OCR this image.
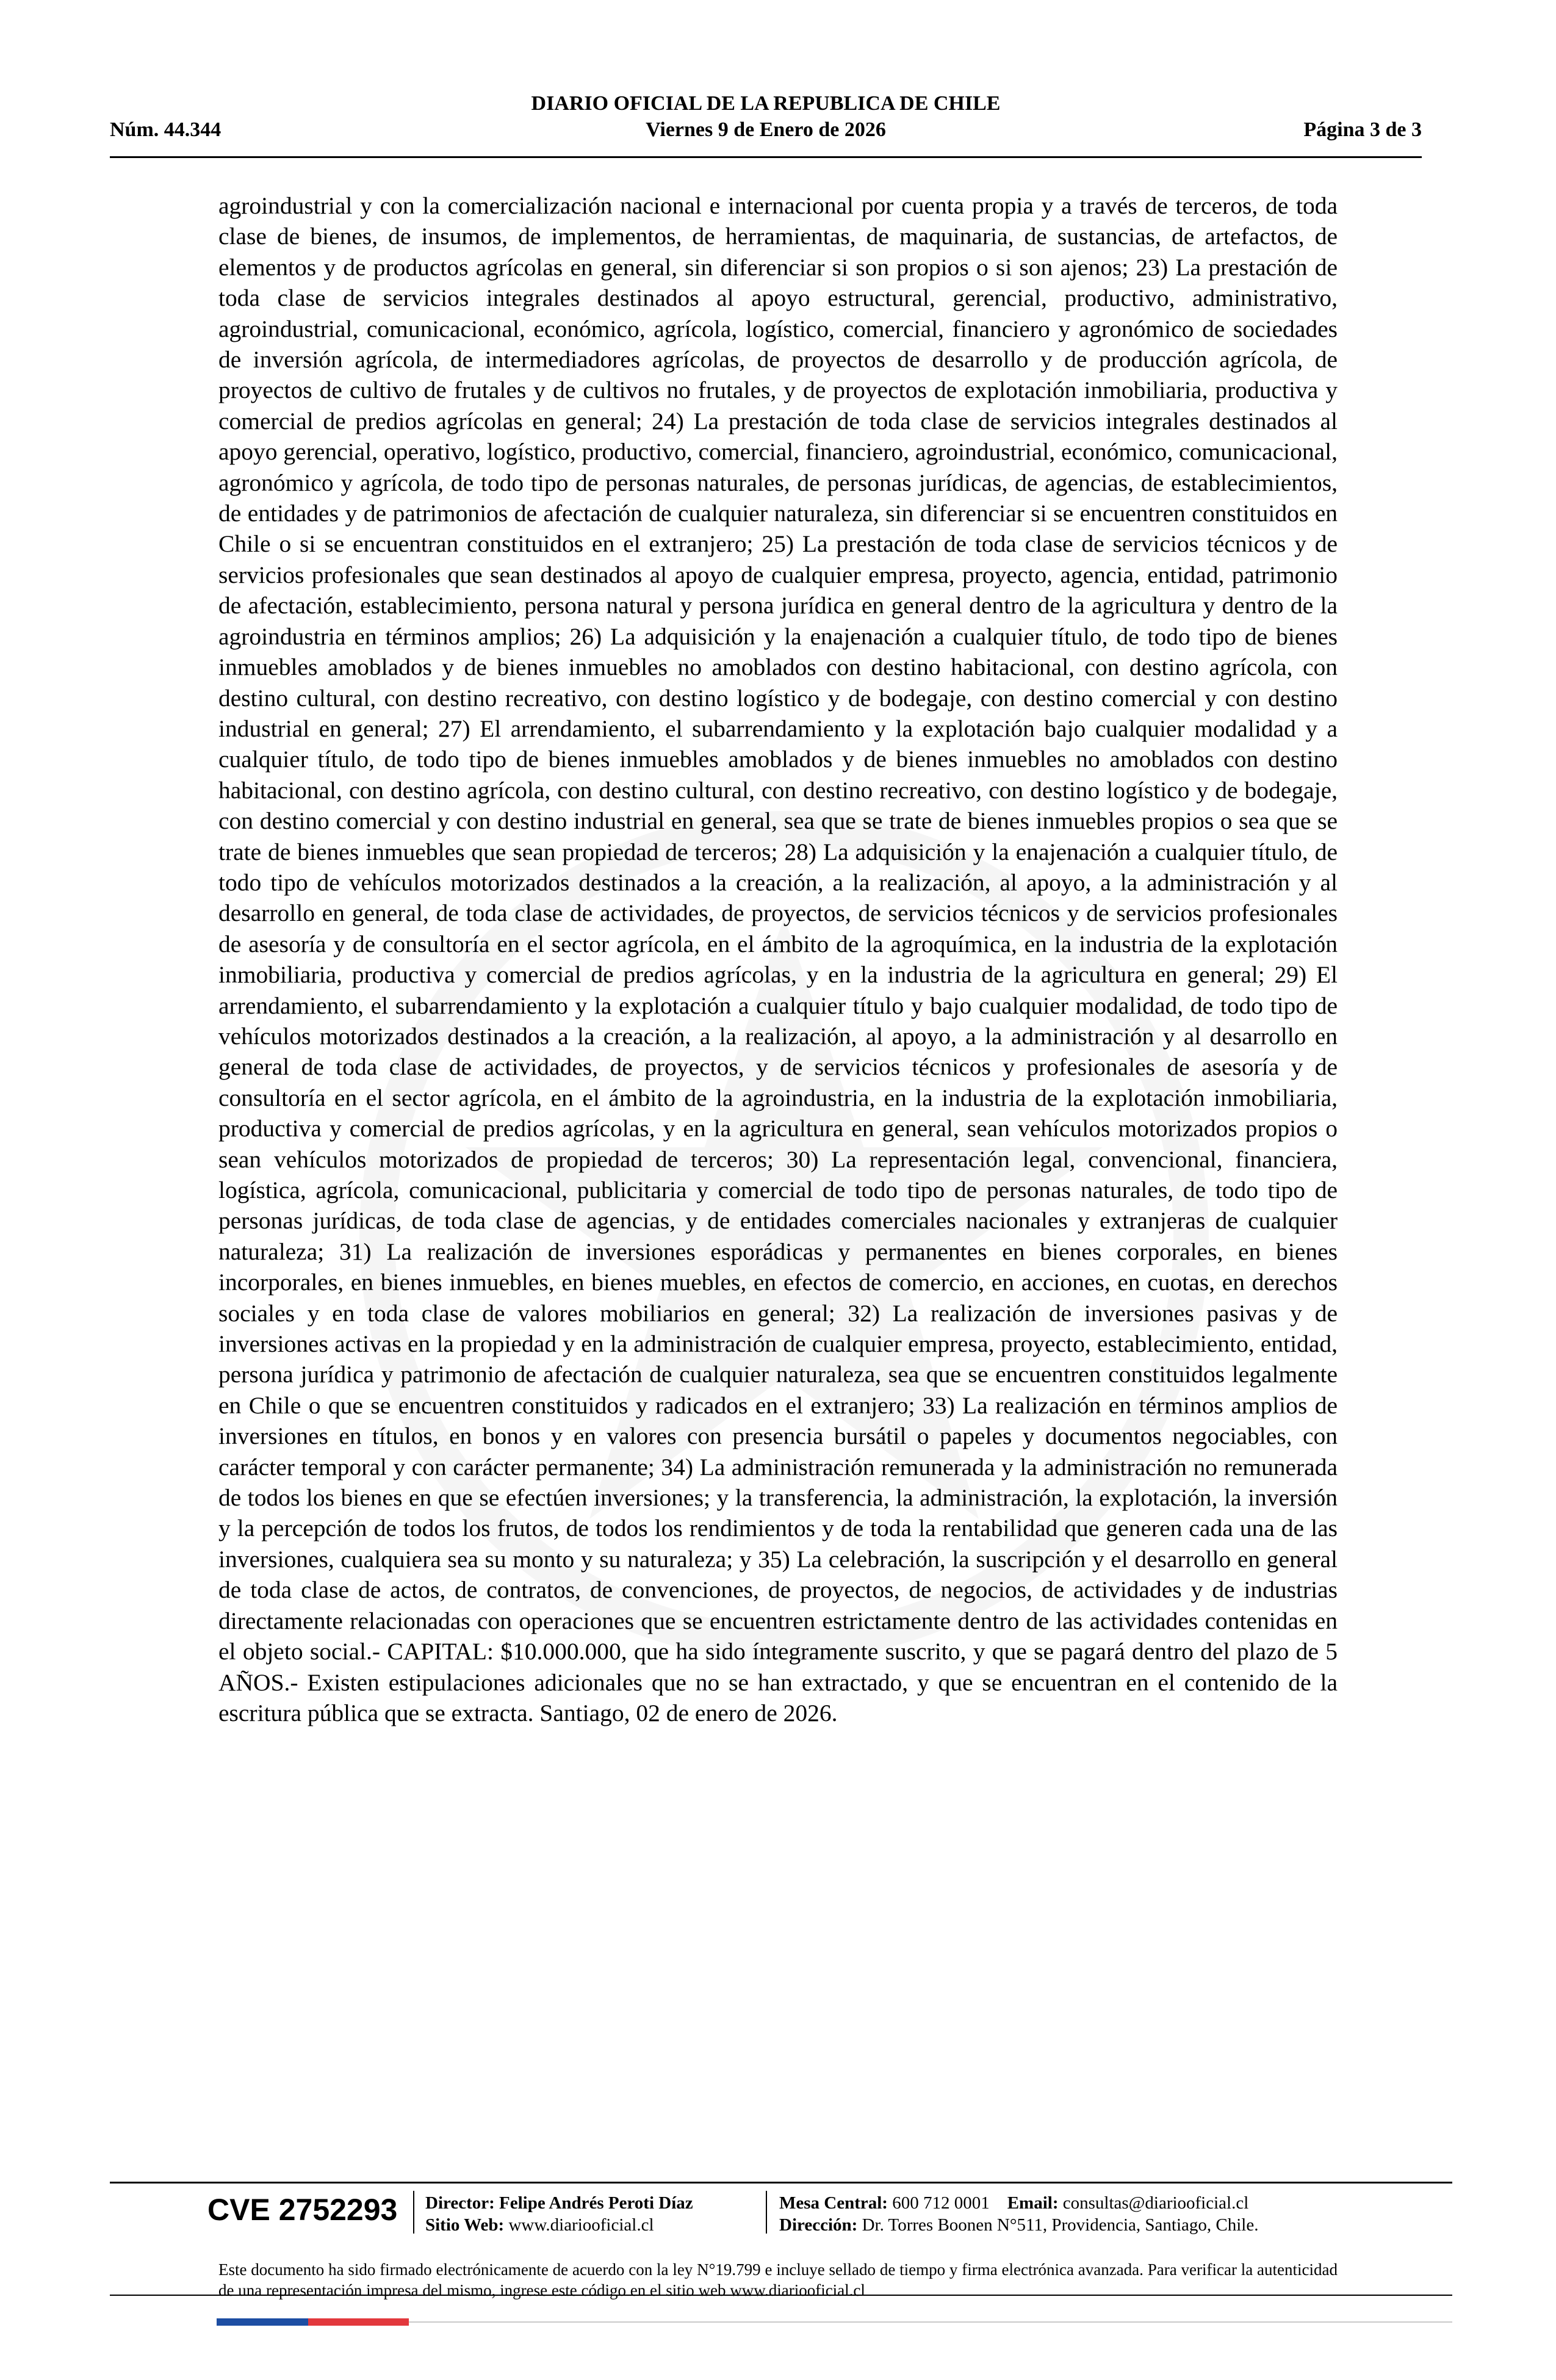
DIARIO OFICIAL DE LA REPUBLICA DE CHILE
Núm. 44.344	Viernes 9 de Enero de 2026	Página 3 de 3
agroindustrial y con la comercialización nacional e internacional por cuenta propia y a través de terceros, de toda clase de bienes, de insumos, de implementos, de herramientas, de maquinaria, de sustancias, de artefactos, de elementos y de productos agrícolas en general, sin diferenciar si son propios o si son ajenos; 23) La prestación de toda clase de servicios integrales destinados al apoyo estructural, gerencial, productivo, administrativo, agroindustrial, comunicacional, económico, agrícola, logístico, comercial, financiero y agronómico de sociedades de inversión agrícola, de intermediadores agrícolas, de proyectos de desarrollo y de producción agrícola, de proyectos de cultivo de frutales y de cultivos no frutales, y de proyectos de explotación inmobiliaria, productiva y comercial de predios agrícolas en general; 24) La prestación de toda clase de servicios integrales destinados al apoyo gerencial, operativo, logístico, productivo, comercial, financiero, agroindustrial, económico, comunicacional, agronómico y agrícola, de todo tipo de personas naturales, de personas jurídicas, de agencias, de establecimientos, de entidades y de patrimonios de afectación de cualquier naturaleza, sin diferenciar si se encuentren constituidos en Chile o si se encuentran constituidos en el extranjero; 25) La prestación de toda clase de servicios técnicos y de servicios profesionales que sean destinados al apoyo de cualquier empresa, proyecto, agencia, entidad, patrimonio de afectación, establecimiento, persona natural y persona jurídica en general dentro de la agricultura y dentro de la agroindustria en términos amplios; 26) La adquisición y la enajenación a cualquier título, de todo tipo de bienes inmuebles amoblados y de bienes inmuebles no amoblados con destino habitacional, con destino agrícola, con destino cultural, con destino recreativo, con destino logístico y de bodegaje, con destino comercial y con destino industrial en general; 27) El arrendamiento, el subarrendamiento y la explotación bajo cualquier modalidad y a cualquier título, de todo tipo de bienes inmuebles amoblados y de bienes inmuebles no amoblados con destino habitacional, con destino agrícola, con destino cultural, con destino recreativo, con destino logístico y de bodegaje, con destino comercial y con destino industrial en general, sea que se trate de bienes inmuebles propios o sea que se trate de bienes inmuebles que sean propiedad de terceros; 28) La adquisición y la enajenación a cualquier título, de todo tipo de vehículos motorizados destinados a la creación, a la realización, al apoyo, a la administración y al desarrollo en general, de toda clase de actividades, de proyectos, de servicios técnicos y de servicios profesionales de asesoría y de consultoría en el sector agrícola, en el ámbito de la agroquímica, en la industria de la explotación inmobiliaria, productiva y comercial de predios agrícolas, y en la industria de la agricultura en general; 29) El arrendamiento, el subarrendamiento y la explotación a cualquier título y bajo cualquier modalidad, de todo tipo de vehículos motorizados destinados a la creación, a la realización, al apoyo, a la administración y al desarrollo en general de toda clase de actividades, de proyectos, y de servicios técnicos y profesionales de asesoría y de consultoría en el sector agrícola, en el ámbito de la agroindustria, en la industria de la explotación inmobiliaria, productiva y comercial de predios agrícolas, y en la agricultura en general, sean vehículos motorizados propios o sean vehículos motorizados de propiedad de terceros; 30) La representación legal, convencional, financiera, logística, agrícola, comunicacional, publicitaria y comercial de todo tipo de personas naturales, de todo tipo de personas jurídicas, de toda clase de agencias, y de entidades comerciales nacionales y extranjeras de cualquier naturaleza; 31) La realización de inversiones esporádicas y permanentes en bienes corporales, en bienes incorporales, en bienes inmuebles, en bienes muebles, en efectos de comercio, en acciones, en cuotas, en derechos sociales y en toda clase de valores mobiliarios en general; 32) La realización de inversiones pasivas y de inversiones activas en la propiedad y en la administración de cualquier empresa, proyecto, establecimiento, entidad, persona jurídica y patrimonio de afectación de cualquier naturaleza, sea que se encuentren constituidos legalmente en Chile o que se encuentren constituidos y radicados en el extranjero; 33) La realización en términos amplios de inversiones en títulos, en bonos y en valores con presencia bursátil o papeles y documentos negociables, con carácter temporal y con carácter permanente; 34) La administración remunerada y la administración no remunerada de todos los bienes en que se efectúen inversiones; y la transferencia, la administración, la explotación, la inversión y la percepción de todos los frutos, de todos los rendimientos y de toda la rentabilidad que generen cada una de las inversiones, cualquiera sea su monto y su naturaleza; y 35) La celebración, la suscripción y el desarrollo en general de toda clase de actos, de contratos, de convenciones, de proyectos, de negocios, de actividades y de industrias directamente relacionadas con operaciones que se encuentren estrictamente dentro de las actividades contenidas en el objeto social.- CAPITAL: $10.000.000, que ha sido íntegramente suscrito, y que se pagará dentro del plazo de 5 AÑOS.- Existen estipulaciones adicionales que no se han extractado, y que se encuentran en el contenido de la escritura pública que se extracta. Santiago, 02 de enero de 2026.
CVE 2752293 Director: Felipe Andrés Peroti Díaz
Sitio Web: www.diariooficial.cl
Mesa Central: 600 712 0001 Email: consultas@diariooficial.cl
Dirección: Dr. Torres Boonen N°511, Providencia, Santiago, Chile.
Este documento ha sido firmado electrónicamente de acuerdo con la ley N°19.799 e incluye sellado de tiempo y firma electrónica avanzada. Para verificar la autenticidad de una representación impresa del mismo, ingrese este código en el sitio web www.diariooficial.cl
